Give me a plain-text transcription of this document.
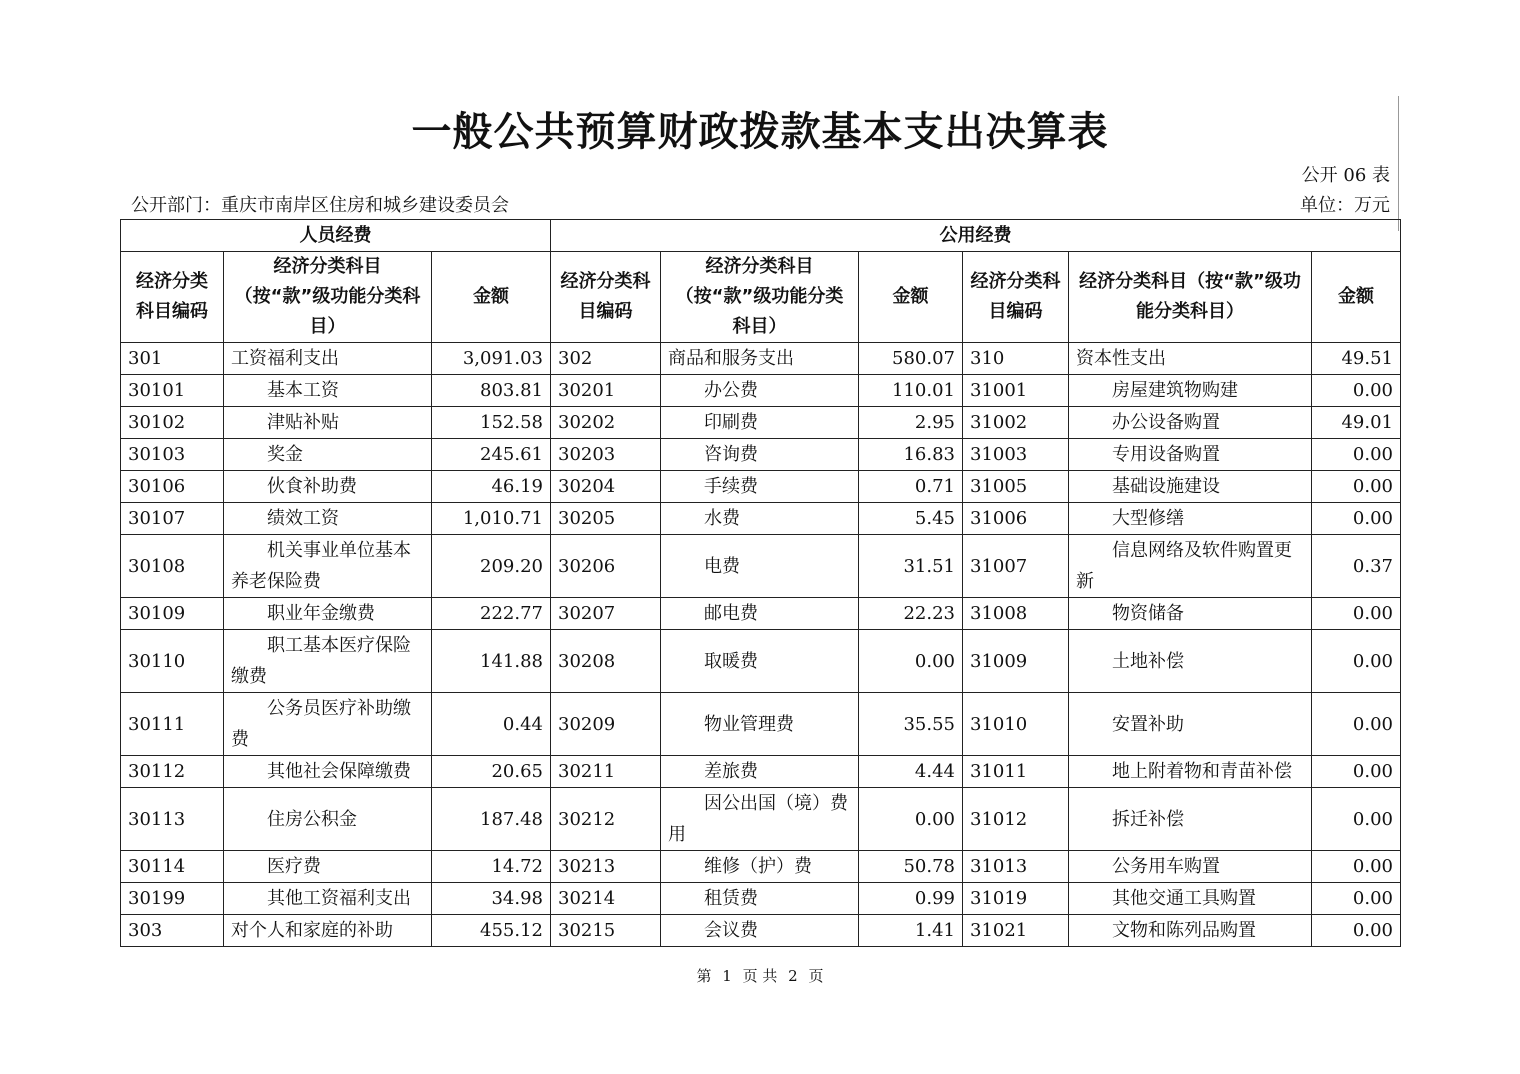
一般公共预算财政拨款基本支出决算表
公开 06 表
公开部门：重庆市南岸区住房和城乡建设委员会	单位：万元
人员经费			公用经费					
经济分类科目编码	经济分类科目（按“款”级功能分类科目）	金额	经济分类科目编码	经济分类科目（按“款”级功能分类科目）	金额	经济分类科目编码	经济分类科目（按“款”级功能分类科目）	金额
301	工资福利支出	3,091.03	302	商品和服务支出	580.07	310	资本性支出	49.51
30101	基本工资	803.81	30201	办公费	110.01	31001	房屋建筑物购建	0.00
30102	津贴补贴	152.58	30202	印刷费	2.95	31002	办公设备购置	49.01
30103	奖金	245.61	30203	咨询费	16.83	31003	专用设备购置	0.00
30106	伙食补助费	46.19	30204	手续费	0.71	31005	基础设施建设	0.00
30107	绩效工资	1,010.71	30205	水费	5.45	31006	大型修缮	0.00
30108	机关事业单位基本养老保险费	209.20	30206	电费	31.51	31007	信息网络及软件购置更新	0.37
30109	职业年金缴费	222.77	30207	邮电费	22.23	31008	物资储备	0.00
30110	职工基本医疗保险缴费	141.88	30208	取暖费	0.00	31009	土地补偿	0.00
30111	公务员医疗补助缴费	0.44	30209	物业管理费	35.55	31010	安置补助	0.00
30112	其他社会保障缴费	20.65	30211	差旅费	4.44	31011	地上附着物和青苗补偿	0.00
30113	住房公积金	187.48	30212	因公出国（境）费用	0.00	31012	拆迁补偿	0.00
30114	医疗费	14.72	30213	维修（护）费	50.78	31013	公务用车购置	0.00
30199	其他工资福利支出	34.98	30214	租赁费	0.99	31019	其他交通工具购置	0.00
303	对个人和家庭的补助	455.12	30215	会议费	1.41	31021	文物和陈列品购置	0.00
第 1 页 共 2 页
